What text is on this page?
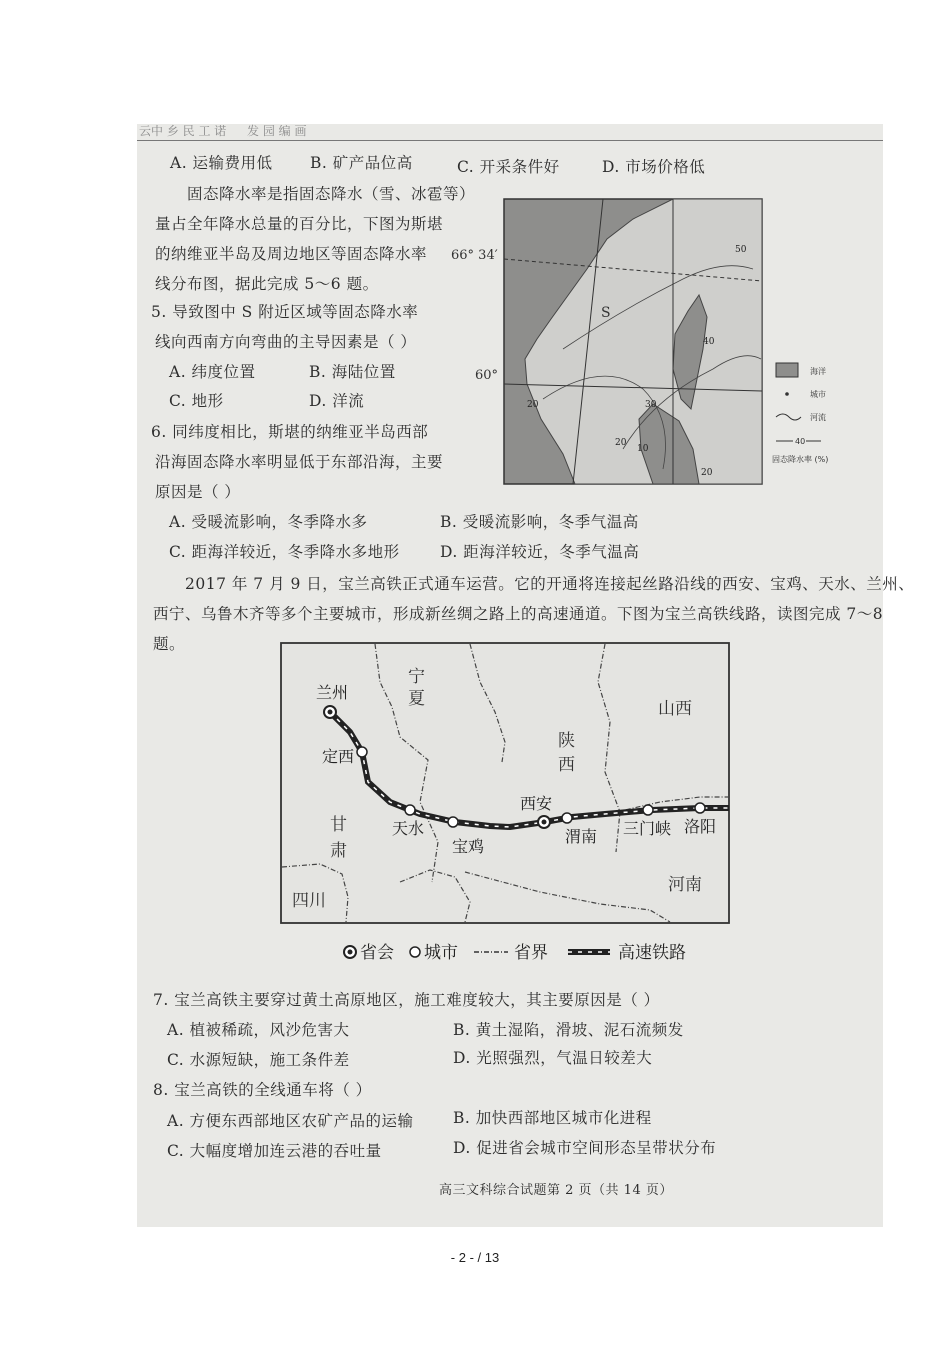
云中 乡 民 工 诺 发 园 编 画
A. 运输费用低 B. 矿产品位高	C. 开采条件好	D. 市场价格低
固态降水率是指固态降水（雪、冰雹等）
量占全年降水总量的百分比，下图为斯堪
的纳维亚半岛及周边地区等固态降水率
线分布图，据此完成 5～6 题。
5. 导致图中 S 附近区域等固态降水率
线向西南方向弯曲的主导因素是（ ）
A. 纬度位置	B. 海陆位置
C. 地形	D. 洋流
6. 同纬度相比，斯堪的纳维亚半岛西部
沿海固态降水率明显低于东部沿海，主要
原因是（ ）
A. 受暖流影响，冬季降水多	B. 受暖流影响，冬季气温高
C. 距海洋较近，冬季降水多地形	D. 距海洋较近，冬季气温高
66° 34′
60°
S
50
40
30
20
20
20
10
海洋
城市
河流
40
固态降水率 (%)
2017 年 7 月 9 日，宝兰高铁正式通车运营。它的开通将连接起丝路沿线的西安、宝鸡、天水、兰州、
西宁、乌鲁木齐等多个主要城市，形成新丝绸之路上的高速通道。下图为宝兰高铁线路，读图完成 7～8
题。
宁
夏
陕
西
山西
甘
肃
四川
河南
兰州
定西
天水
宝鸡
西安
渭南 三门峡 洛阳
省会 城市	省界	高速铁路
7. 宝兰高铁主要穿过黄土高原地区，施工难度较大，其主要原因是（ ）
A. 植被稀疏，风沙危害大	B. 黄土湿陷，滑坡、泥石流频发
C. 水源短缺，施工条件差	D. 光照强烈，气温日较差大
8. 宝兰高铁的全线通车将（ ）
A. 方便东西部地区农矿产品的运输	B. 加快西部地区城市化进程
C. 大幅度增加连云港的吞吐量	D. 促进省会城市空间形态呈带状分布
高三文科综合试题第 2 页（共 14 页）
- 2 - / 13
